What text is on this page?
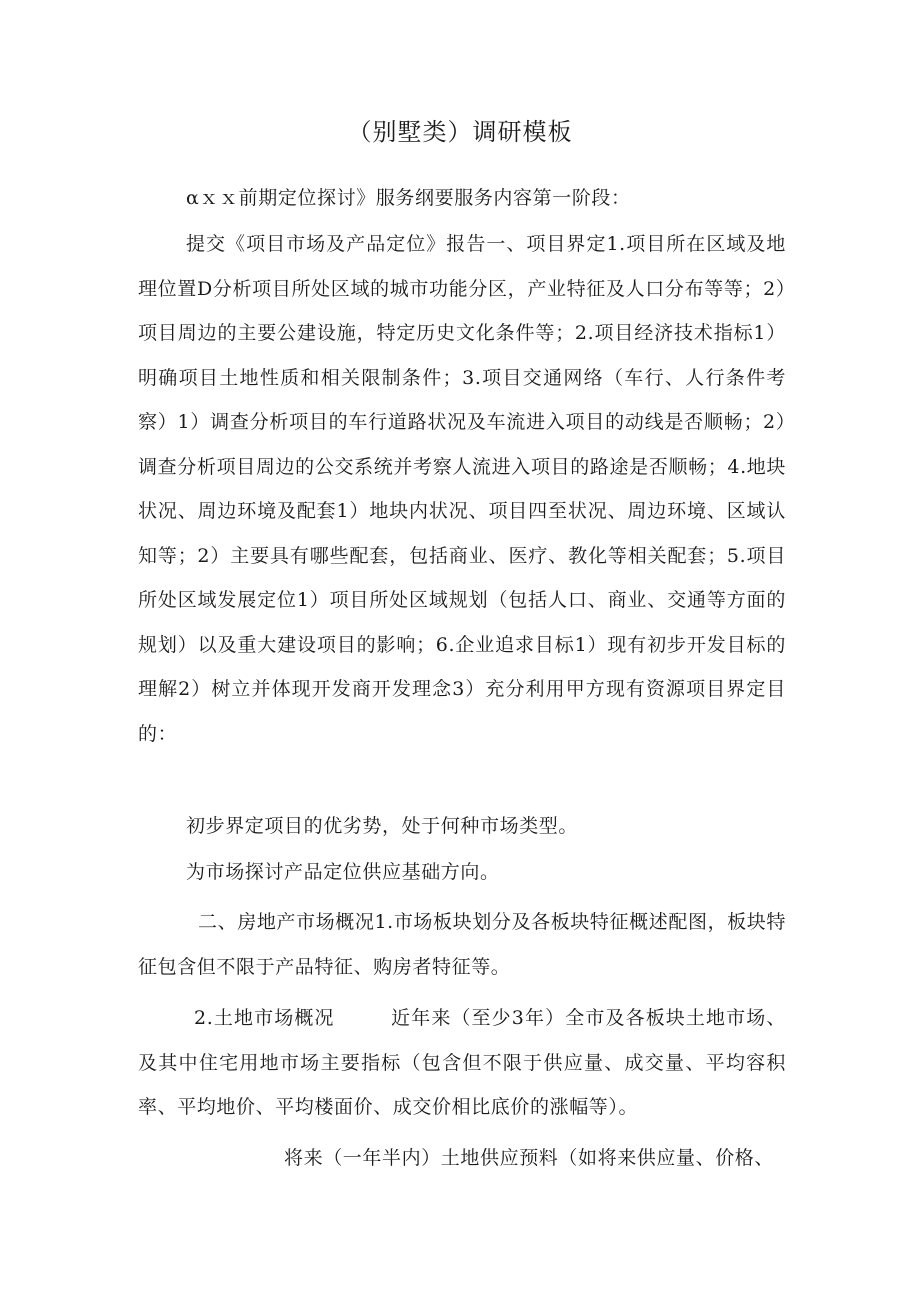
（别墅类）调研模板

αｘｘ前期定位探讨》服务纲要服务内容第一阶段：

提交《项目市场及产品定位》报告一、项目界定1.项目所在区域及地理位置D分析项目所处区域的城市功能分区，产业特征及人口分布等等；2）项目周边的主要公建设施，特定历史文化条件等；2.项目经济技术指标1）明确项目土地性质和相关限制条件；3.项目交通网络（车行、人行条件考察）1）调查分析项目的车行道路状况及车流进入项目的动线是否顺畅；2）调查分析项目周边的公交系统并考察人流进入项目的路途是否顺畅；4.地块状况、周边环境及配套1）地块内状况、项目四至状况、周边环境、区域认知等；2）主要具有哪些配套，包括商业、医疗、教化等相关配套；5.项目所处区域发展定位1）项目所处区域规划（包括人口、商业、交通等方面的规划）以及重大建设项目的影响；6.企业追求目标1）现有初步开发目标的理解2）树立并体现开发商开发理念3）充分利用甲方现有资源项目界定目的：

初步界定项目的优劣势，处于何种市场类型。

为市场探讨产品定位供应基础方向。

二、房地产市场概况1.市场板块划分及各板块特征概述配图，板块特征包含但不限于产品特征、购房者特征等。

2.土地市场概况	近年来（至少3年）全市及各板块土地市场、及其中住宅用地市场主要指标（包含但不限于供应量、成交量、平均容积率、平均地价、平均楼面价、成交价相比底价的涨幅等）。

将来（一年半内）土地供应预料（如将来供应量、价格、
